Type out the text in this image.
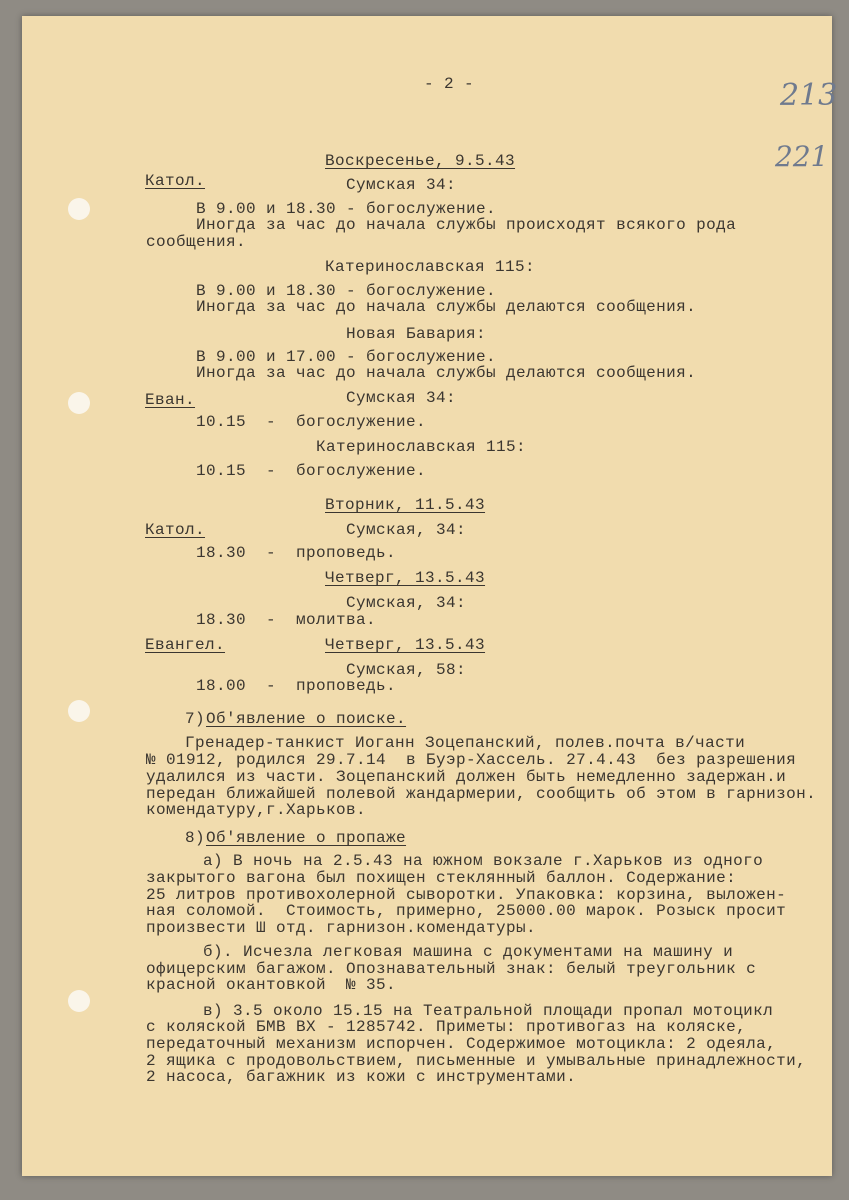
- 2 -	213
221
Воскресенье, 9.5.43
Катол.	Сумская 34:
В 9.00 и 18.30 - богослужение.
Иногда за час до начала службы происходят всякого рода
сообщения.
Катеринославская 115:
В 9.00 и 18.30 - богослужение.
Иногда за час до начала службы делаются сообщения.
Новая Бавария:
В 9.00 и 17.00 - богослужение.
Иногда за час до начала службы делаются сообщения.
Еван.	Сумская 34:
10.15  -  богослужение.
Катеринославская 115:
10.15  -  богослужение.
Вторник, 11.5.43
Катол.	Сумская, 34:
18.30  -  проповедь.
Четверг, 13.5.43
Сумская, 34:
18.30  -  молитва.
Евангел.	Четверг, 13.5.43
Сумская, 58:
18.00  -  проповедь.
7) Об'явление о поиске.
Гренадер-танкист Иоганн Зоцепанский, полев.почта в/части
№ 01912, родился 29.7.14  в Буэр-Хассель. 27.4.43  без разрешения
удалился из части. Зоцепанский должен быть немедленно задержан.и
передан ближайшей полевой жандармерии, сообщить об этом в гарнизон.
комендатуру,г.Харьков.
8) Об'явление о пропаже
а) В ночь на 2.5.43 на южном вокзале г.Харьков из одного
закрытого вагона был похищен стеклянный баллон. Содержание:
25 литров противохолерной сыворотки. Упаковка: корзина, выложен-
ная соломой.  Стоимость, примерно, 25000.00 марок. Розыск просит
произвести Ш отд. гарнизон.комендатуры.
б). Исчезла легковая машина с документами на машину и
офицерским багажом. Опознавательный знак: белый треугольник с
красной окантовкой  № 35.
в) 3.5 около 15.15 на Театральной площади пропал мотоцикл
с коляской БМВ ВХ - 1285742. Приметы: противогаз на коляске,
передаточный механизм испорчен. Содержимое мотоцикла: 2 одеяла,
2 ящика с продовольствием, письменные и умывальные принадлежности,
2 насоса, багажник из кожи с инструментами.
